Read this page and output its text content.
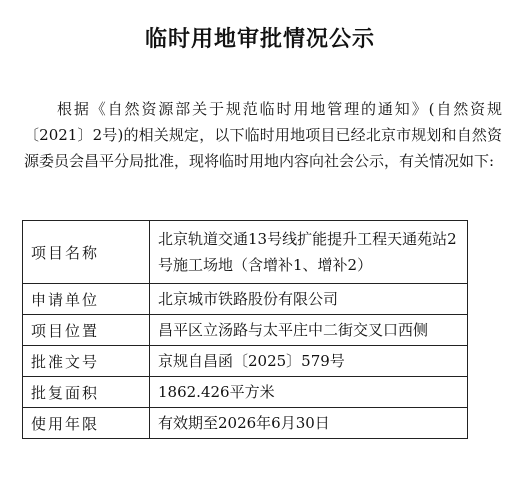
临时用地审批情况公示
根据《自然资源部关于规范临时用地管理的通知》(自然资规〔2021〕2号)的相关规定，以下临时用地项目已经北京市规划和自然资源委员会昌平分局批准，现将临时用地内容向社会公示，有关情况如下:
项目名称	北京轨道交通13号线扩能提升工程天通苑站2号施工场地（含增补1、增补2）
申请单位	北京城市铁路股份有限公司
项目位置	昌平区立汤路与太平庄中二街交叉口西侧
批准文号	京规自昌函〔2025〕579号
批复面积	1862.426平方米
使用年限	有效期至2026年6月30日
